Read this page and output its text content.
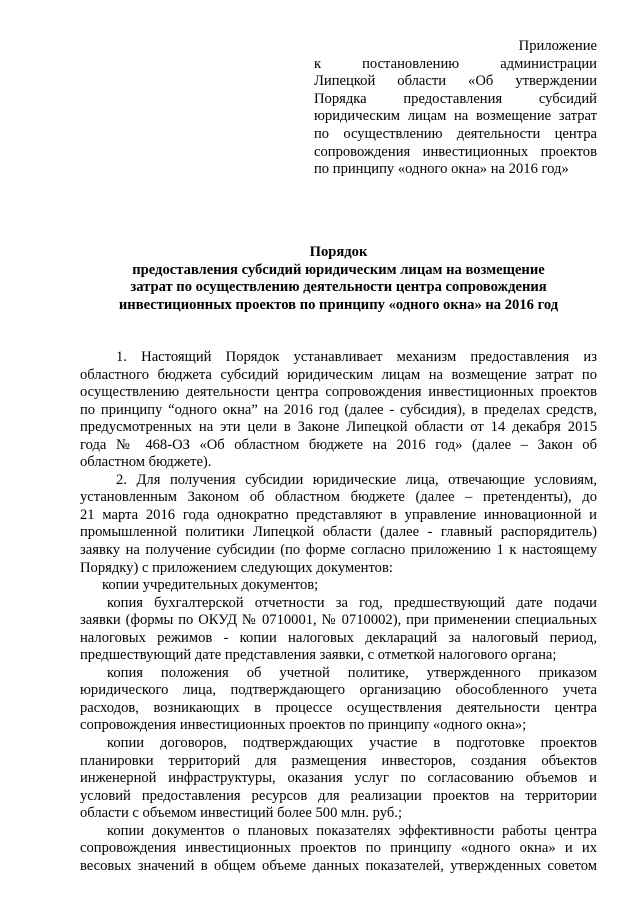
Приложение
к постановлению администрации
Липецкой области «Об утверждении
Порядка предоставления субсидий
юридическим лицам на возмещение затрат
по осуществлению деятельности центра
сопровождения инвестиционных проектов
по принципу «одного окна» на 2016 год»
Порядок
предоставления субсидий юридическим лицам на возмещение
затрат по осуществлению деятельности центра сопровождения
инвестиционных проектов по принципу «одного окна» на 2016 год
1. Настоящий Порядок устанавливает механизм предоставления из
областного бюджета субсидий юридическим лицам на возмещение затрат по
осуществлению деятельности центра сопровождения инвестиционных проектов
по принципу “одного окна” на 2016 год (далее - субсидия), в пределах средств,
предусмотренных на эти цели в Законе Липецкой области от 14 декабря 2015
года № 468-ОЗ «Об областном бюджете на 2016 год» (далее – Закон об
областном бюджете).
2. Для получения субсидии юридические лица, отвечающие условиям,
установленным Законом об областном бюджете (далее – претенденты), до
21 марта 2016 года однократно представляют в управление инновационной и
промышленной политики Липецкой области (далее - главный распорядитель)
заявку на получение субсидии (по форме согласно приложению 1 к настоящему
Порядку) с приложением следующих документов:
копии учредительных документов;
копия бухгалтерской отчетности за год, предшествующий дате подачи
заявки (формы по ОКУД № 0710001, № 0710002), при применении специальных
налоговых режимов - копии налоговых деклараций за налоговый период,
предшествующий дате представления заявки, с отметкой налогового органа;
копия положения об учетной политике, утвержденного приказом
юридического лица, подтверждающего организацию обособленного учета
расходов, возникающих в процессе осуществления деятельности центра
сопровождения инвестиционных проектов по принципу «одного окна»;
копии договоров, подтверждающих участие в подготовке проектов
планировки территорий для размещения инвесторов, создания объектов
инженерной инфраструктуры, оказания услуг по согласованию объемов и
условий предоставления ресурсов для реализации проектов на территории
области с объемом инвестиций более 500 млн. руб.;
копии документов о плановых показателях эффективности работы центра
сопровождения инвестиционных проектов по принципу «одного окна» и их
весовых значений в общем объеме данных показателей, утвержденных советом
